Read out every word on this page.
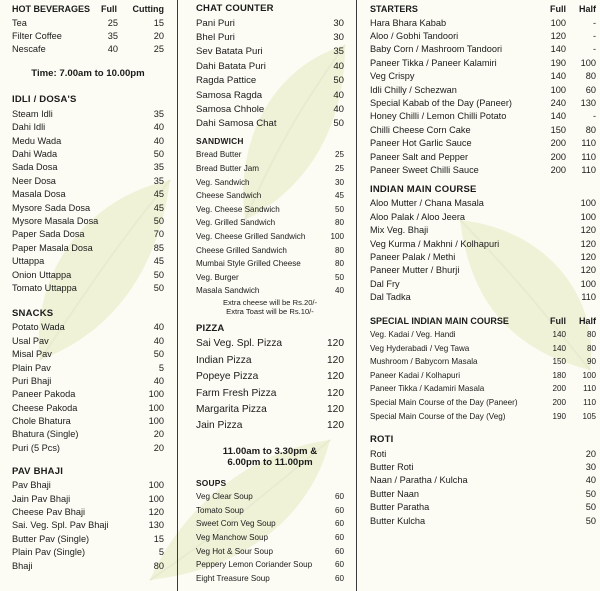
HOT BEVERAGES	Full	Cutting
Tea	25	15
Filter Coffee	35	20
Nescafe	40	25
Time: 7.00am to 10.00pm
IDLI / DOSA'S
Steam Idli	35
Dahi Idli	40
Medu Wada	40
Dahi Wada	50
Sada Dosa	35
Neer Dosa	35
Masala Dosa	45
Mysore Sada Dosa	45
Mysore Masala Dosa	50
Paper Sada Dosa	70
Paper Masala Dosa	85
Uttappa	45
Onion Uttappa	50
Tomato Uttappa	50
SNACKS
Potato Wada	40
Usal Pav	40
Misal Pav	50
Plain Pav	5
Puri Bhaji	40
Paneer Pakoda	100
Cheese Pakoda	100
Chole Bhatura	100
Bhatura (Single)	20
Puri (5 Pcs)	20
PAV BHAJI
Pav Bhaji	100
Jain Pav Bhaji	100
Cheese Pav Bhaji	120
Sai. Veg. Spl. Pav Bhaji	130
Butter Pav (Single)	15
Plain Pav (Single)	5
Bhaji	80
CHAT COUNTER
Pani Puri	30
Bhel Puri	30
Sev Batata Puri	35
Dahi Batata Puri	40
Ragda Pattice	50
Samosa Ragda	40
Samosa Chhole	40
Dahi Samosa Chat	50
SANDWICH
Bread Butter	25
Bread Butter Jam	25
Veg. Sandwich	30
Cheese Sandwich	45
Veg. Cheese Sandwich	50
Veg. Grilled Sandwich	80
Veg. Cheese Grilled Sandwich	100
Cheese Grilled Sandwich	80
Mumbai Style Grilled Cheese	80
Veg. Burger	50
Masala Sandwich	40
Extra cheese will be Rs.20/-
Extra Toast will be Rs.10/-
PIZZA
Sai Veg. Spl. Pizza	120
Indian Pizza	120
Popeye Pizza	120
Farm Fresh Pizza	120
Margarita Pizza	120
Jain Pizza	120
11.00am to 3.30pm &
6.00pm to 11.00pm
SOUPS
Veg Clear Soup	60
Tomato Soup	60
Sweet Corn Veg Soup	60
Veg Manchow Soup	60
Veg Hot & Sour Soup	60
Peppery Lemon Coriander Soup	60
Eight Treasure Soup	60
STARTERS	Full	Half
Hara Bhara Kabab	100	-
Aloo / Gobhi Tandoori	120	-
Baby Corn / Mashroom Tandoori	140	-
Paneer Tikka / Paneer Kalamiri	190	100
Veg Crispy	140	80
Idli Chilly / Schezwan	100	60
Special Kabab of the Day (Paneer)	240	130
Honey Chilli / Lemon Chilli Potato	140	-
Chilli Cheese Corn Cake	150	80
Paneer Hot Garlic Sauce	200	110
Paneer Salt and Pepper	200	110
Paneer Sweet Chilli Sauce	200	110
INDIAN MAIN COURSE
Aloo Mutter / Chana Masala	100
Aloo Palak / Aloo Jeera	100
Mix Veg. Bhaji	120
Veg Kurma / Makhni / Kolhapuri	120
Paneer Palak / Methi	120
Paneer Mutter / Bhurji	120
Dal Fry	100
Dal Tadka	110
SPECIAL INDIAN MAIN COURSE	Full	Half
Veg. Kadai / Veg. Handi	140	80
Veg Hyderabadi / Veg Tawa	140	80
Mushroom / Babycorn Masala	150	90
Paneer Kadai / Kolhapuri	180	100
Paneer Tikka / Kadamiri Masala	200	110
Special Main Course of the Day (Paneer)	200	110
Special Main Course of the Day (Veg)	190	105
ROTI
Roti	20
Butter Roti	30
Naan / Paratha / Kulcha	40
Butter Naan	50
Butter Paratha	50
Butter Kulcha	50
